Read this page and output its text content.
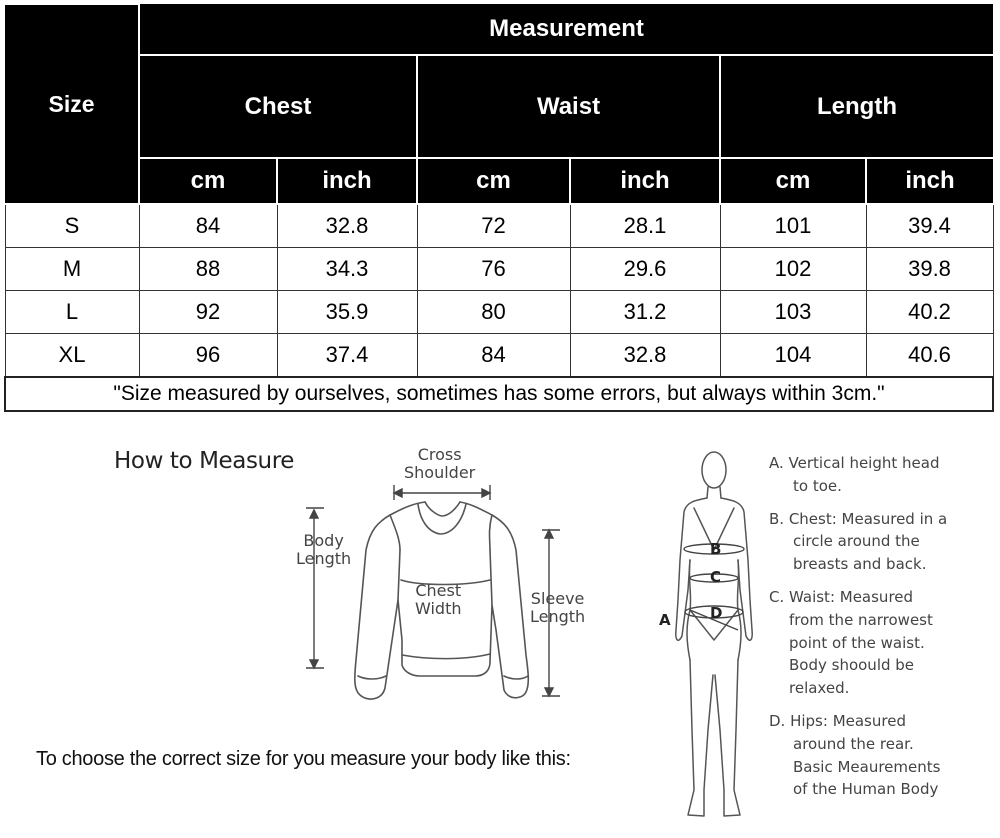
Size	Measurement					
	Chest		Waist		Length	
	cm	inch	cm	inch	cm	inch
S	84	32.8	72	28.1	101	39.4
M	88	34.3	76	29.6	102	39.8
L	92	35.9	80	31.2	103	40.2
XL	96	37.4	84	32.8	104	40.6
"Size measured by ourselves, sometimes has some errors, but always within 3cm."						
How to Measure	Cross
Shoulder
Body
Length
Chest
Width
Sleeve
Length
To choose the correct size for you measure your body like this:
B
C
D
A
A. Vertical height head
to toe.
B. Chest: Measured in a
circle around the
breasts and back.
C. Waist: Measured
from the narrowest
point of the waist.
Body shoould be
relaxed.
D. Hips: Measured
around the rear.
Basic Meaurements
of the Human Body
